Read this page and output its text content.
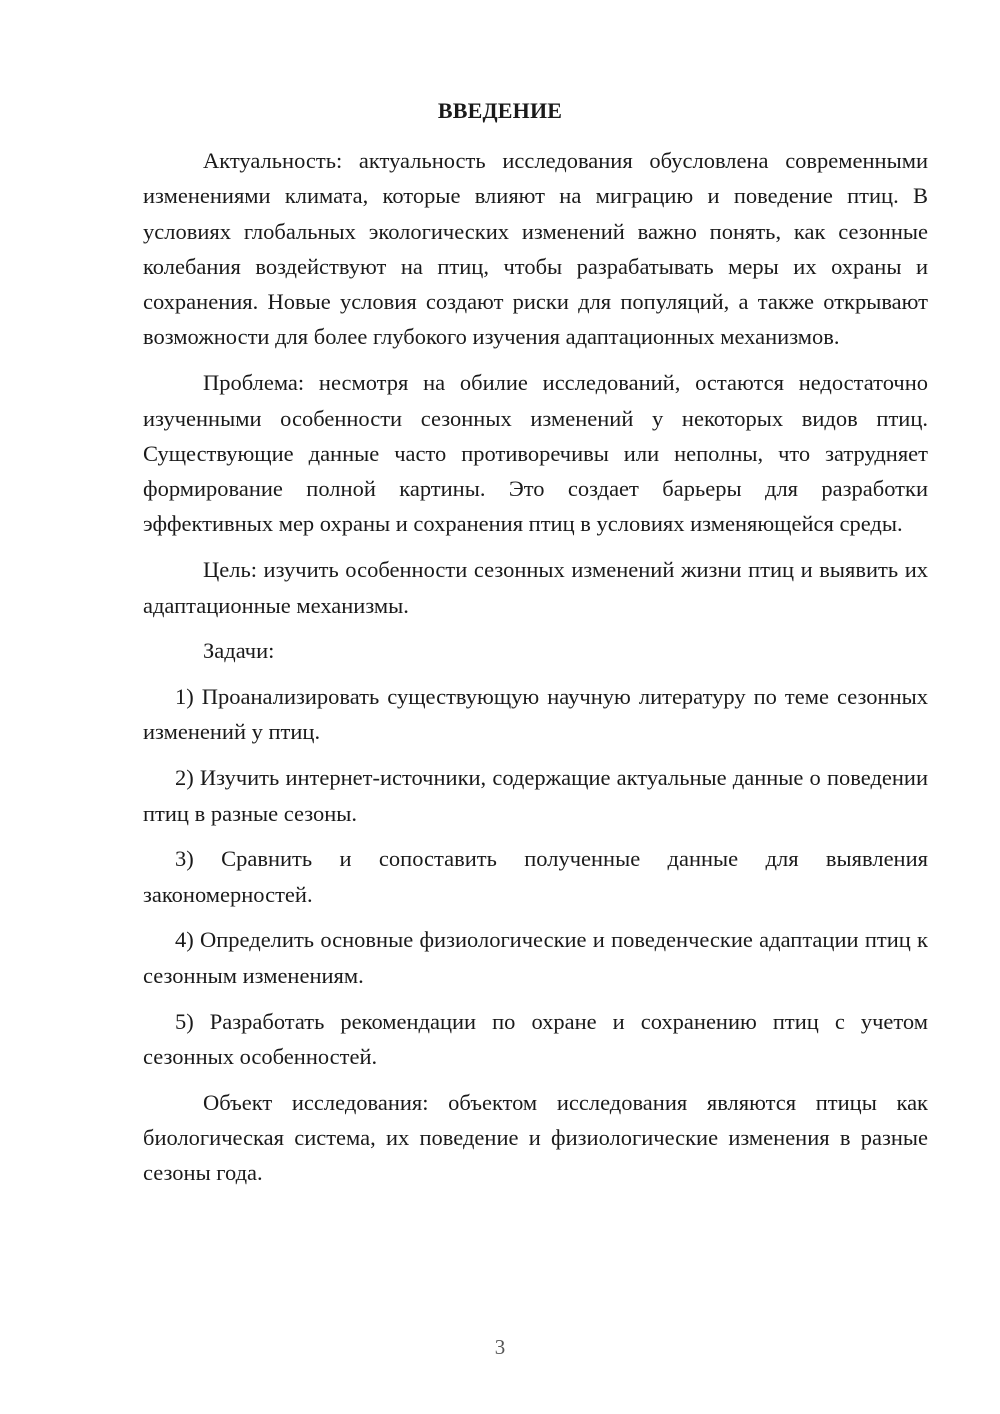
ВВЕДЕНИЕ

Актуальность: актуальность исследования обусловлена современными изменениями климата, которые влияют на миграцию и поведение птиц. В условиях глобальных экологических изменений важно понять, как сезонные колебания воздействуют на птиц, чтобы разрабатывать меры их охраны и сохранения. Новые условия создают риски для популяций, а также открывают возможности для более глубокого изучения адаптационных механизмов.

Проблема: несмотря на обилие исследований, остаются недостаточно изученными особенности сезонных изменений у некоторых видов птиц. Существующие данные часто противоречивы или неполны, что затрудняет формирование полной картины. Это создает барьеры для разработки эффективных мер охраны и сохранения птиц в условиях изменяющейся среды.

Цель: изучить особенности сезонных изменений жизни птиц и выявить их адаптационные механизмы.

Задачи:

1) Проанализировать существующую научную литературу по теме сезонных изменений у птиц.

2) Изучить интернет-источники, содержащие актуальные данные о поведении птиц в разные сезоны.

3) Сравнить и сопоставить полученные данные для выявления закономерностей.

4) Определить основные физиологические и поведенческие адаптации птиц к сезонным изменениям.

5) Разработать рекомендации по охране и сохранению птиц с учетом сезонных особенностей.

Объект исследования: объектом исследования являются птицы как биологическая система, их поведение и физиологические изменения в разные сезоны года.

3
